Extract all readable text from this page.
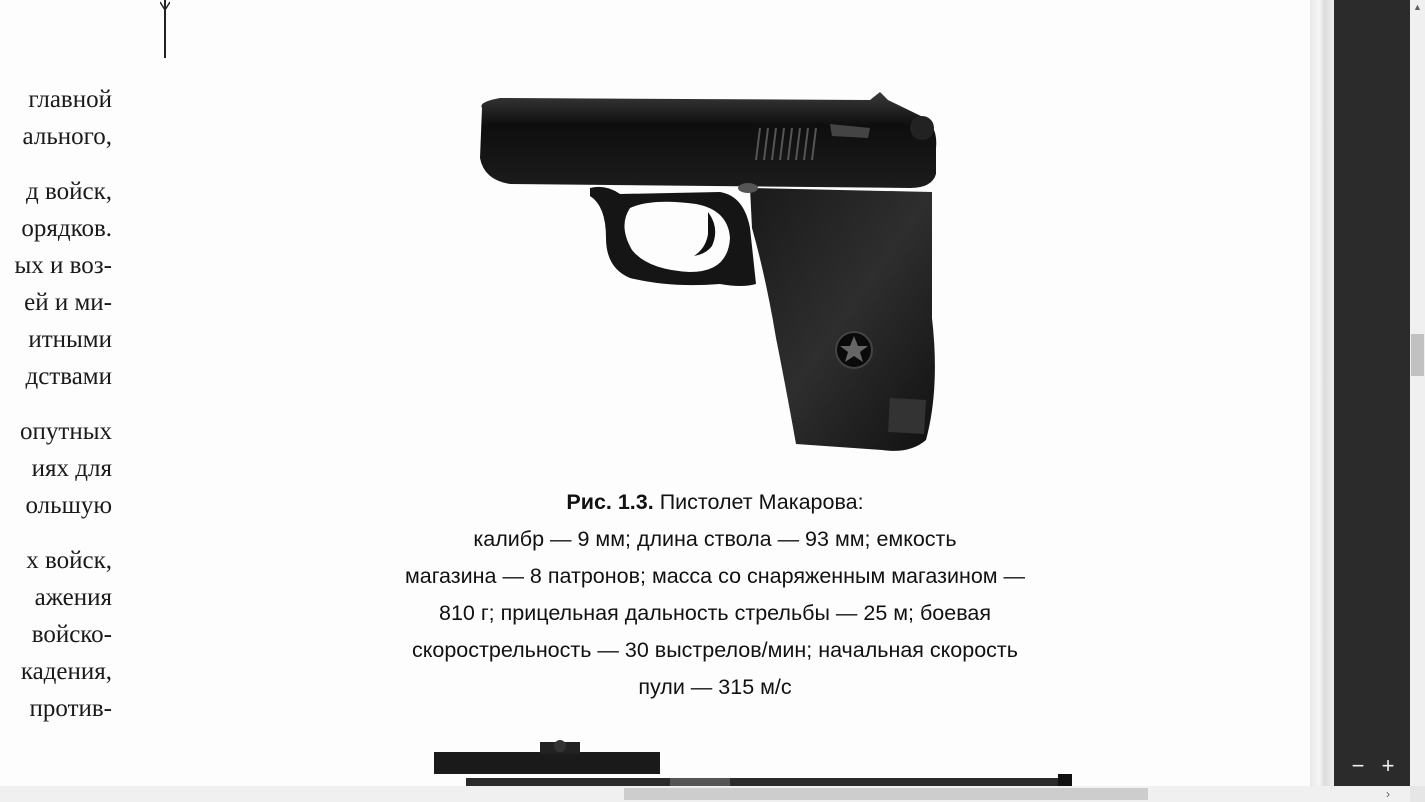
главной
ального,
д войск,
орядков.
ых и воз-
ей и ми-
итными
дствами
опутных
иях для
ольшую
х войск,
ажения
войско-
кадения,
против-
Рис. 1.3. Пистолет Макарова:
калибр — 9 мм; длина ствола — 93 мм; емкость
магазина — 8 патронов; масса со снаряженным магазином —
810 г; прицельная дальность стрельбы — 25 м; боевая
скорострельность — 30 выстрелов/мин; начальная скорость
пули — 315 м/с
− +
▲
›
